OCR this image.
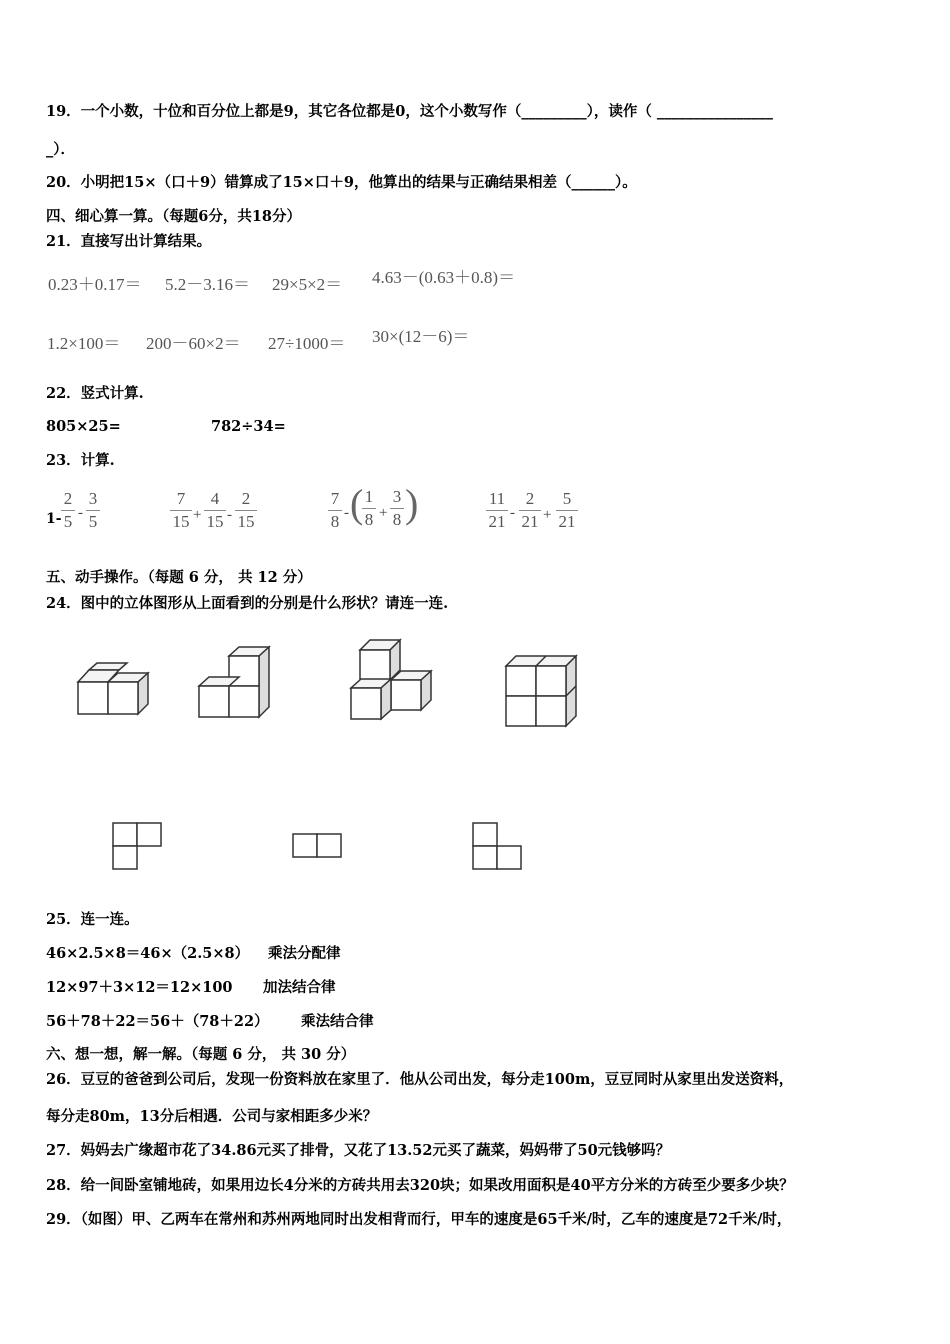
19．一个小数，十位和百分位上都是9，其它各位都是0，这个小数写作（_________），读作（ ________________
_）．
20．小明把15×（口＋9）错算成了15×口＋9，他算出的结果与正确结果相差（______）。
四、细心算一算。（每题6分，共18分）
21．直接写出计算结果。
0.23＋0.17＝ 5.2－3.16＝ 29×5×2＝ 4.63－(0.63＋0.8)＝
1.2×100＝ 200－60×2＝ 27÷1000＝ 30×(12－6)＝
22．竖式计算.
805×25=	782÷34=
23．计算.
$1- \frac{2}{5} - \frac{3}{5}$	$\frac{7}{15} + \frac{4}{15} - \frac{2}{15}$	$\frac{7}{8}$ - (
$\frac{1}{8} + \frac{3}{8}$ )	$\frac{11}{21} - \frac{2}{21} + \frac{5}{21}$
五、动手操作。（每题 6 分， 共 12 分）
24．图中的立体图形从上面看到的分别是什么形状？请连一连.
25．连一连。
46×2.5×8＝46×（2.5×8） 乘法分配律
12×97＋3×12＝12×100 加法结合律
56＋78＋22＝56＋（78＋22） 乘法结合律
六、想一想，解一解。（每题 6 分， 共 30 分）
26．豆豆的爸爸到公司后，发现一份资料放在家里了．他从公司出发，每分走100m，豆豆同时从家里出发送资料，
每分走80m，13分后相遇．公司与家相距多少米？
27．妈妈去广缘超市花了34.86元买了排骨，又花了13.52元买了蔬菜，妈妈带了50元钱够吗？
28．给一间卧室铺地砖，如果用边长4分米的方砖共用去320块；如果改用面积是40平方分米的方砖至少要多少块？
29．（如图）甲、乙两车在常州和苏州两地同时出发相背而行，甲车的速度是65千米/时，乙车的速度是72千米/时，
